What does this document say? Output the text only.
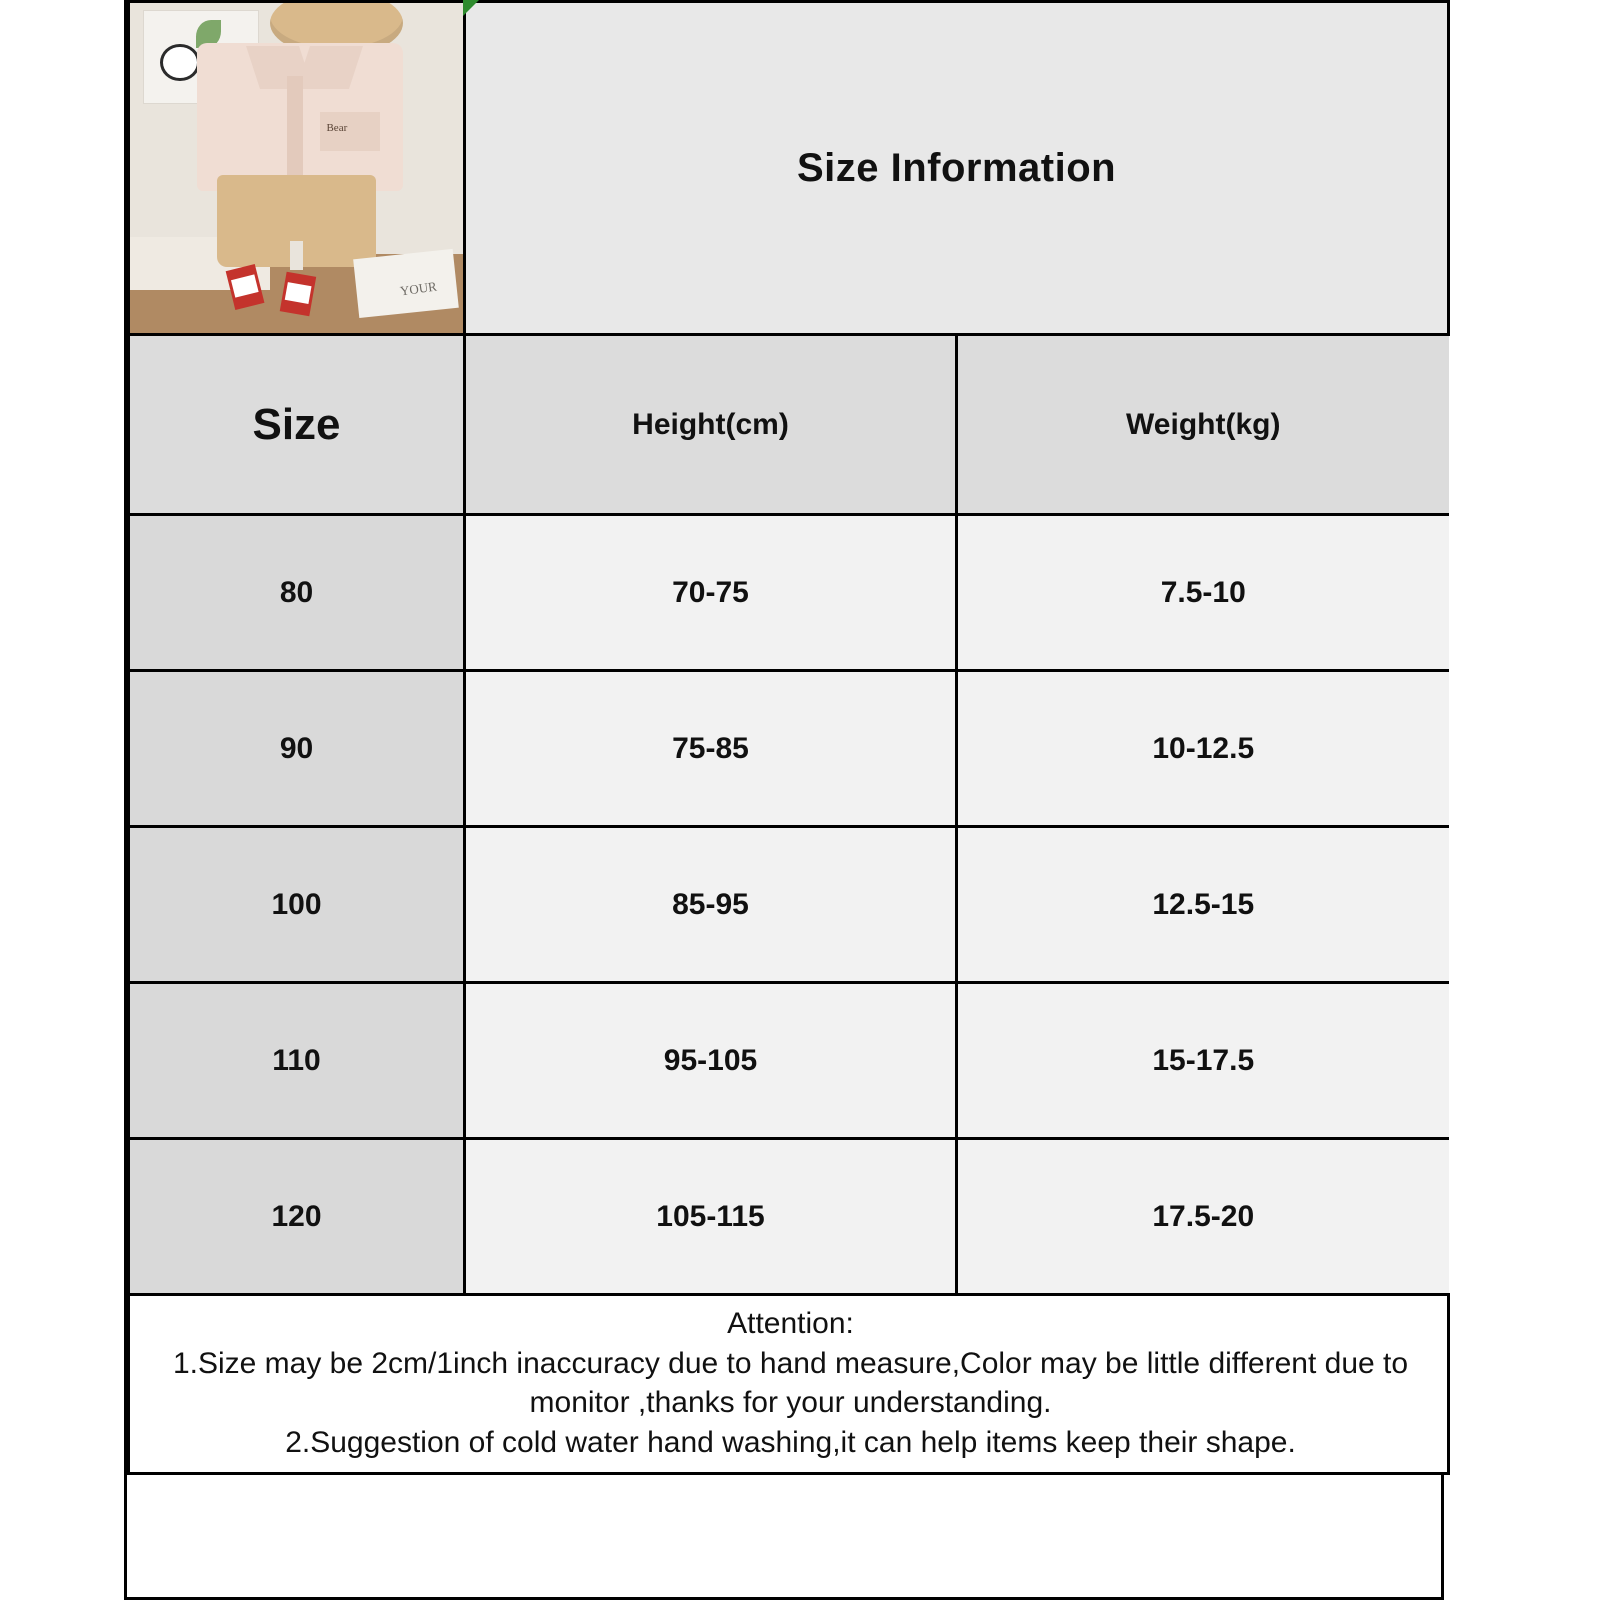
Bear
YOUR	Size Information	
Size	Height(cm)	Weight(kg)
80	70-75	7.5-10
90	75-85	10-12.5
100	85-95	12.5-15
110	95-105	15-17.5
120	105-115	17.5-20

Attention:
1.Size may be 2cm/1inch inaccuracy due to hand measure,Color may be little different due to monitor ,thanks for your understanding.
2.Suggestion of cold water hand washing,it can help items keep their shape.		
